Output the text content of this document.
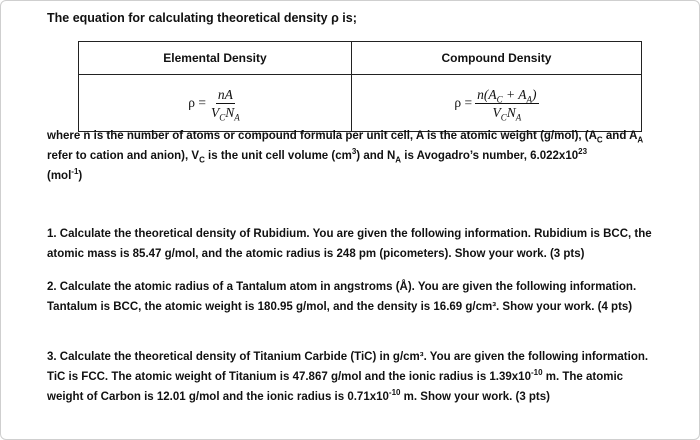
The equation for calculating theoretical density ρ is;
Elemental Density	Compound Density

$\rho = \frac{nA}{V_CN_A}$	$\rho = \frac{n(A_C + A_A)}{V_CN_A}$
where n is the number of atoms or compound formula per unit cell, A is the atomic weight (g/mol), ($A_C$ and $A_A$ refer to cation and anion), $V_C$ is the unit cell volume $(cm^3)$ and $N_A$ is Avogadro’s number, $6.022x10^{23}$
(mol$^{-1}$)
1. Calculate the theoretical density of Rubidium. You are given the following information. Rubidium is BCC, the atomic mass is 85.47 g/mol, and the atomic radius is 248 pm (picometers). Show your work. (3 pts)
2. Calculate the atomic radius of a Tantalum atom in angstroms (Å). You are given the following information. Tantalum is BCC, the atomic weight is 180.95 g/mol, and the density is 16.69 g/cm³. Show your work. (4 pts)
3. Calculate the theoretical density of Titanium Carbide (TiC) in g/cm³. You are given the following information. TiC is FCC. The atomic weight of Titanium is 47.867 g/mol and the ionic radius is $1.39x10^{-10}$ m. The atomic weight of Carbon is 12.01 g/mol and the ionic radius is $0.71x10^{-10}$ m. Show your work. (3 pts)
